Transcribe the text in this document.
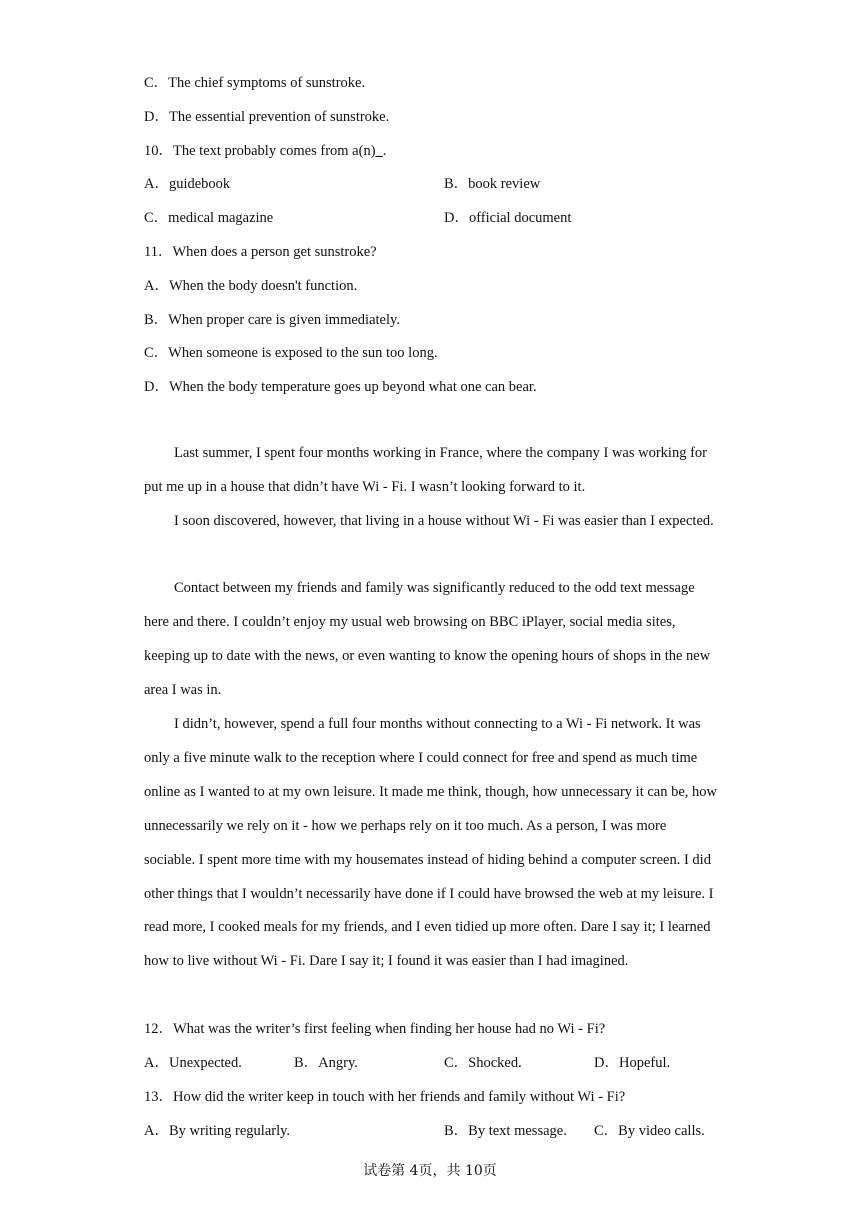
C．The chief symptoms of sunstroke.
D．The essential prevention of sunstroke.
10．The text probably comes from a(n)_.
A．guidebook	B．book review
C．medical magazine	D．official document
11．When does a person get sunstroke?
A．When the body doesn't function.
B．When proper care is given immediately.
C．When someone is exposed to the sun too long.
D．When the body temperature goes up beyond what one can bear.

Last summer, I spent four months working in France, where the company I was working for put me up in a house that didn’t have Wi - Fi. I wasn’t looking forward to it.

I soon discovered, however, that living in a house without Wi - Fi was easier than I expected.

Contact between my friends and family was significantly reduced to the odd text message here and there. I couldn’t enjoy my usual web browsing on BBC iPlayer, social media sites, keeping up to date with the news, or even wanting to know the opening hours of shops in the new area I was in.

I didn’t, however, spend a full four months without connecting to a Wi - Fi network. It was only a five minute walk to the reception where I could connect for free and spend as much time online as I wanted to at my own leisure. It made me think, though, how unnecessary it can be, how unnecessarily we rely on it - how we perhaps rely on it too much. As a person, I was more sociable. I spent more time with my housemates instead of hiding behind a computer screen. I did other things that I wouldn’t necessarily have done if I could have browsed the web at my leisure. I read more, I cooked meals for my friends, and I even tidied up more often. Dare I say it; I learned how to live without Wi - Fi. Dare I say it; I found it was easier than I had imagined.

12．What was the writer’s first feeling when finding her house had no Wi - Fi?
A．Unexpected.	B．Angry.	C．Shocked.	D．Hopeful.
13．How did the writer keep in touch with her friends and family without Wi - Fi?
A．By writing regularly.	B．By text message. C．By video calls.
试卷第 4页，共 10页
